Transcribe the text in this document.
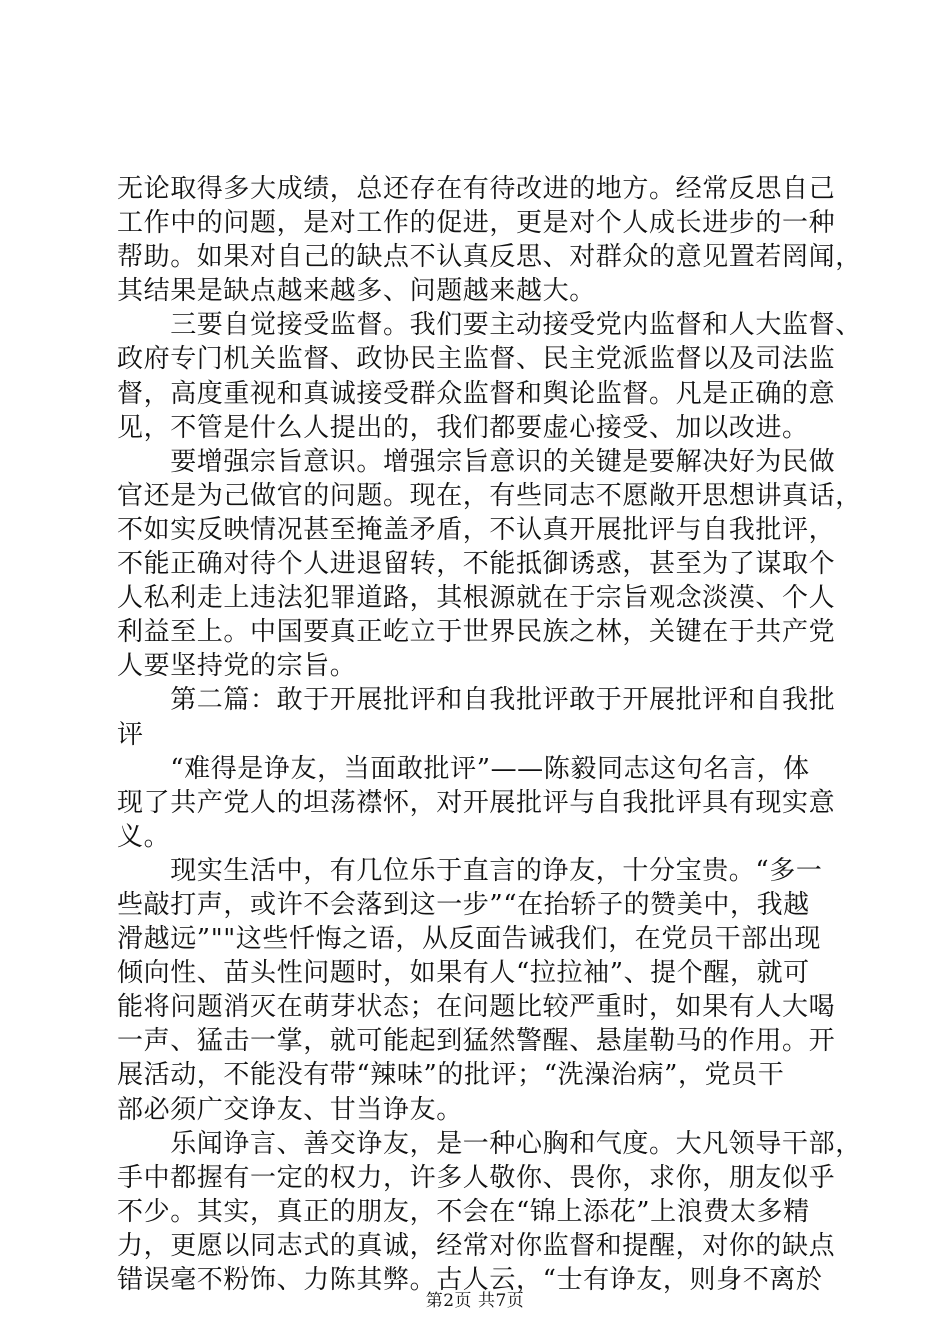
无论取得多大成绩，总还存在有待改进的地方。经常反思自己
工作中的问题，是对工作的促进，更是对个人成长进步的一种
帮助。如果对自己的缺点不认真反思、对群众的意见置若罔闻，
其结果是缺点越来越多、问题越来越大。
　　三要自觉接受监督。我们要主动接受党内监督和人大监督、
政府专门机关监督、政协民主监督、民主党派监督以及司法监
督，高度重视和真诚接受群众监督和舆论监督。凡是正确的意
见，不管是什么人提出的，我们都要虚心接受、加以改进。
　　要增强宗旨意识。增强宗旨意识的关键是要解决好为民做
官还是为己做官的问题。现在，有些同志不愿敞开思想讲真话，
不如实反映情况甚至掩盖矛盾，不认真开展批评与自我批评，
不能正确对待个人进退留转，不能抵御诱惑，甚至为了谋取个
人私利走上违法犯罪道路，其根源就在于宗旨观念淡漠、个人
利益至上。中国要真正屹立于世界民族之林，关键在于共产党
人要坚持党的宗旨。
　　第二篇：敢于开展批评和自我批评敢于开展批评和自我批
评
　　“难得是诤友，当面敢批评”——陈毅同志这句名言，体
现了共产党人的坦荡襟怀，对开展批评与自我批评具有现实意
义。
　　现实生活中，有几位乐于直言的诤友，十分宝贵。“多一
些敲打声，或许不会落到这一步”“在抬轿子的赞美中，我越
滑越远”""这些忏悔之语，从反面告诫我们，在党员干部出现
倾向性、苗头性问题时，如果有人“拉拉袖”、提个醒，就可
能将问题消灭在萌芽状态；在问题比较严重时，如果有人大喝
一声、猛击一掌，就可能起到猛然警醒、悬崖勒马的作用。开
展活动，不能没有带“辣味”的批评；“洗澡治病”，党员干
部必须广交诤友、甘当诤友。
　　乐闻诤言、善交诤友，是一种心胸和气度。大凡领导干部，
手中都握有一定的权力，许多人敬你、畏你，求你，朋友似乎
不少。其实，真正的朋友，不会在“锦上添花”上浪费太多精
力，更愿以同志式的真诚，经常对你监督和提醒，对你的缺点
错误毫不粉饰、力陈其弊。古人云，“士有诤友，则身不离於
第2页 共7页
